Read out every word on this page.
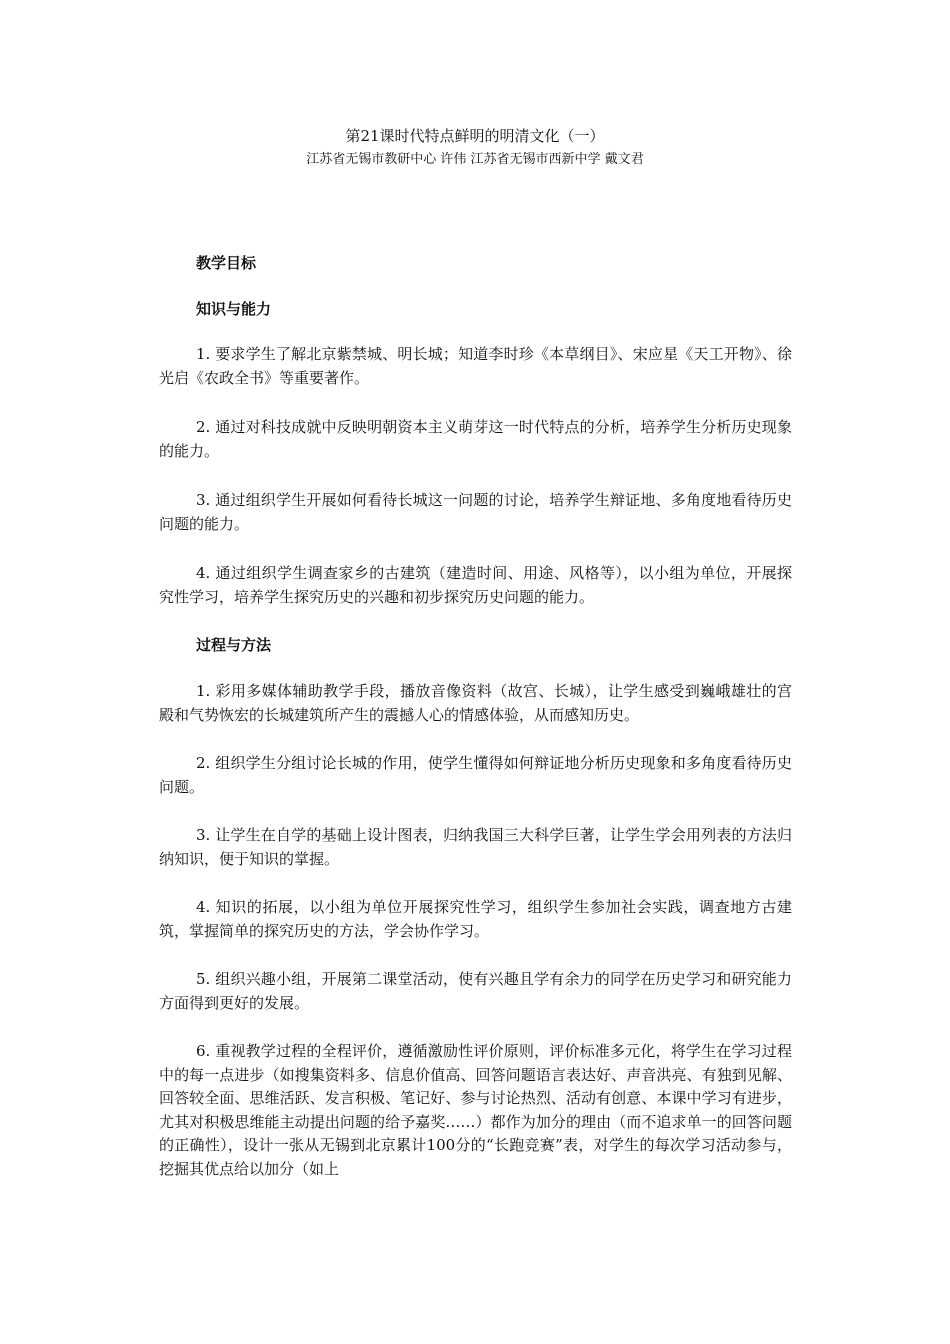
第21课时代特点鲜明的明清文化（一）
江苏省无锡市教研中心 许伟 江苏省无锡市西新中学 戴文君
教学目标
知识与能力

1. 要求学生了解北京紫禁城、明长城；知道李时珍《本草纲目》、宋应星《天工开物》、徐光启《农政全书》等重要著作。

2. 通过对科技成就中反映明朝资本主义萌芽这一时代特点的分析，培养学生分析历史现象的能力。

3. 通过组织学生开展如何看待长城这一问题的讨论，培养学生辩证地、多角度地看待历史问题的能力。

4. 通过组织学生调查家乡的古建筑（建造时间、用途、风格等），以小组为单位，开展探究性学习，培养学生探究历史的兴趣和初步探究历史问题的能力。

过程与方法

1. 彩用多媒体辅助教学手段，播放音像资料（故宫、长城），让学生感受到巍峨雄壮的宫殿和气势恢宏的长城建筑所产生的震撼人心的情感体验，从而感知历史。

2. 组织学生分组讨论长城的作用，使学生懂得如何辩证地分析历史现象和多角度看待历史问题。

3. 让学生在自学的基础上设计图表，归纳我国三大科学巨著，让学生学会用列表的方法归纳知识，便于知识的掌握。

4. 知识的拓展，以小组为单位开展探究性学习，组织学生参加社会实践，调查地方古建筑，掌握简单的探究历史的方法，学会协作学习。

5. 组织兴趣小组，开展第二课堂活动，使有兴趣且学有余力的同学在历史学习和研究能力方面得到更好的发展。

6. 重视教学过程的全程评价，遵循激励性评价原则，评价标准多元化，将学生在学习过程中的每一点进步（如搜集资料多、信息价值高、回答问题语言表达好、声音洪亮、有独到见解、回答较全面、思维活跃、发言积极、笔记好、参与讨论热烈、活动有创意、本课中学习有进步，尤其对积极思维能主动提出问题的给予嘉奖……）都作为加分的理由（而不追求单一的回答问题的正确性），设计一张从无锡到北京累计100分的“长跑竞赛”表，对学生的每次学习活动参与，挖掘其优点给以加分（如上
